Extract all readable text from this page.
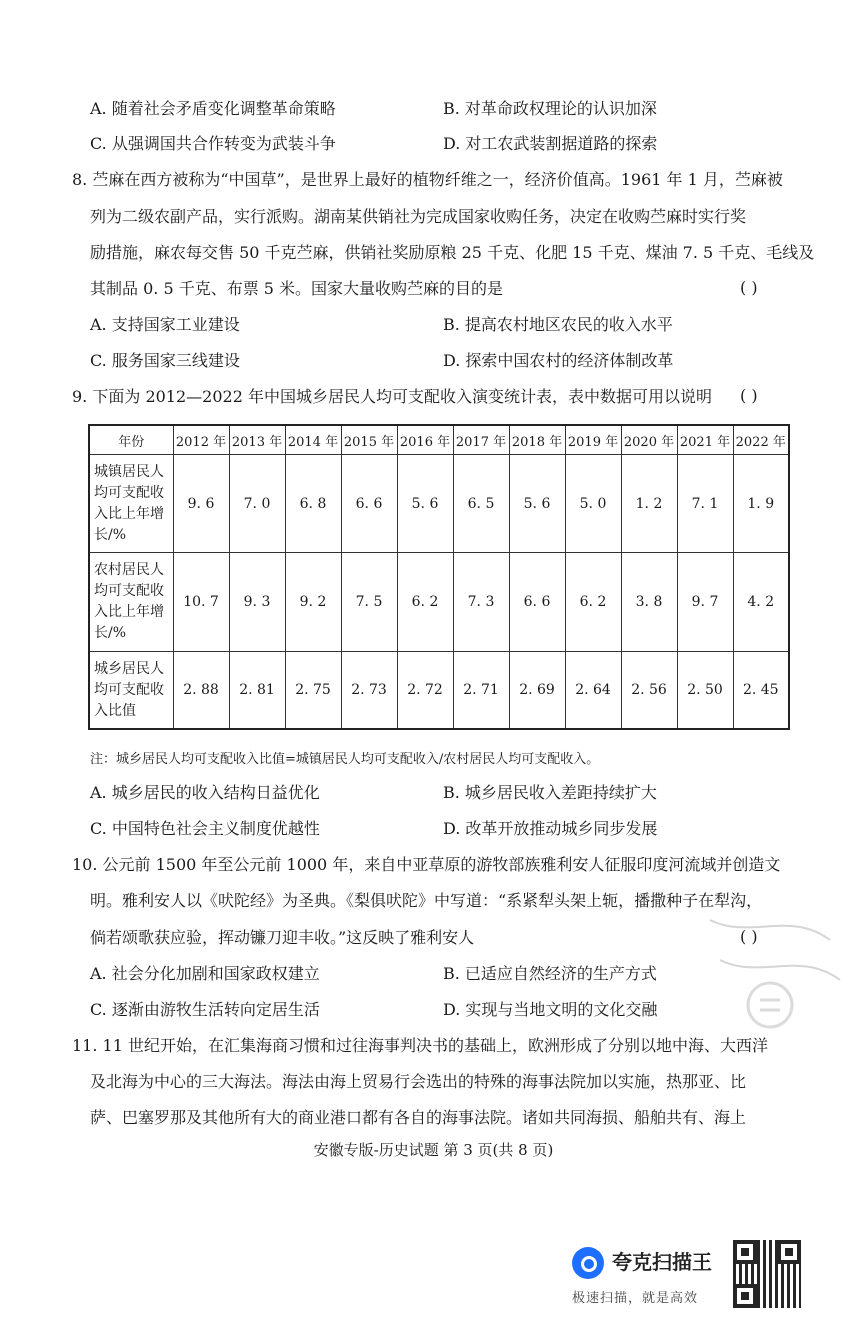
A. 随着社会矛盾变化调整革命策略	B. 对革命政权理论的认识加深
C. 从强调国共合作转变为武装斗争	D. 对工农武装割据道路的探索
8. 苎麻在西方被称为“中国草”，是世界上最好的植物纤维之一，经济价值高。1961 年 1 月，苎麻被
列为二级农副产品，实行派购。湖南某供销社为完成国家收购任务，决定在收购苎麻时实行奖
励措施，麻农每交售 50 千克苎麻，供销社奖励原粮 25 千克、化肥 15 千克、煤油 7. 5 千克、毛线及
其制品 0. 5 千克、布票 5 米。国家大量收购苎麻的目的是	( )
A. 支持国家工业建设	B. 提高农村地区农民的收入水平
C. 服务国家三线建设	D. 探索中国农村的经济体制改革
9. 下面为 2012—2022 年中国城乡居民人均可支配收入演变统计表，表中数据可用以说明 ( )
年份	2012 年	2013 年	2014 年	2015 年	2016 年	2017 年	2018 年	2019 年	2020 年	2021 年	2022 年
城镇居民人均可支配收入比上年增长/%	9. 6	7. 0	6. 8	6. 6	5. 6	6. 5	5. 6	5. 0	1. 2	7. 1	1. 9
农村居民人均可支配收入比上年增长/%	10. 7	9. 3	9. 2	7. 5	6. 2	7. 3	6. 6	6. 2	3. 8	9. 7	4. 2
城乡居民人均可支配收入比值	2. 88	2. 81	2. 75	2. 73	2. 72	2. 71	2. 69	2. 64	2. 56	2. 50	2. 45
注：城乡居民人均可支配收入比值=城镇居民人均可支配收入/农村居民人均可支配收入。
A. 城乡居民的收入结构日益优化	B. 城乡居民收入差距持续扩大
C. 中国特色社会主义制度优越性	D. 改革开放推动城乡同步发展
10. 公元前 1500 年至公元前 1000 年，来自中亚草原的游牧部族雅利安人征服印度河流域并创造文
明。雅利安人以《吠陀经》为圣典。《梨俱吠陀》中写道：“系紧犁头架上轭，播撒种子在犁沟，
倘若颂歌获应验，挥动镰刀迎丰收。”这反映了雅利安人	( )
A. 社会分化加剧和国家政权建立	B. 已适应自然经济的生产方式
C. 逐渐由游牧生活转向定居生活	D. 实现与当地文明的文化交融
11. 11 世纪开始，在汇集海商习惯和过往海事判决书的基础上，欧洲形成了分别以地中海、大西洋
及北海为中心的三大海法。海法由海上贸易行会选出的特殊的海事法院加以实施，热那亚、比
萨、巴塞罗那及其他所有大的商业港口都有各自的海事法院。诸如共同海损、船舶共有、海上
安徽专版-历史试题 第 3 页(共 8 页)
夸克扫描王
极速扫描，就是高效
